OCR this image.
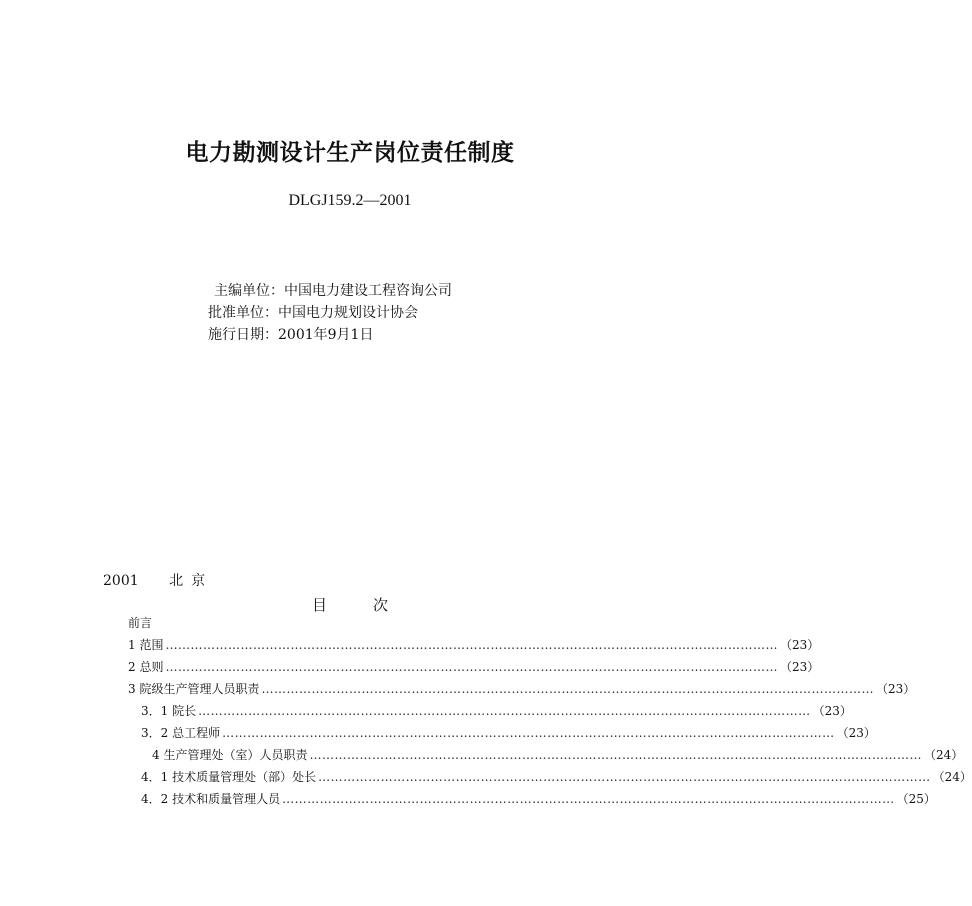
电力勘测设计生产岗位责任制度
DLGJ159.2—2001
主编单位：中国电力建设工程咨询公司
批准单位：中国电力规划设计协会
施行日期：2001年9月1日
2001 北京
目	次
前言
1 范围 ………………………………………………………………………………………………………………………………… （23）
2 总则 ………………………………………………………………………………………………………………………………… （23）
3 院级生产管理人员职责 ………………………………………………………………………………………………………………………………… （23）
3．1 院长 ………………………………………………………………………………………………………………………………… （23）
3．2 总工程师 ………………………………………………………………………………………………………………………………… （23）
4 生产管理处（室）人员职责 ………………………………………………………………………………………………………………………………… （24）
4．1 技术质量管理处（部）处长 ………………………………………………………………………………………………………………………………… （24）
4．2 技术和质量管理人员 ………………………………………………………………………………………………………………………………… （25）
